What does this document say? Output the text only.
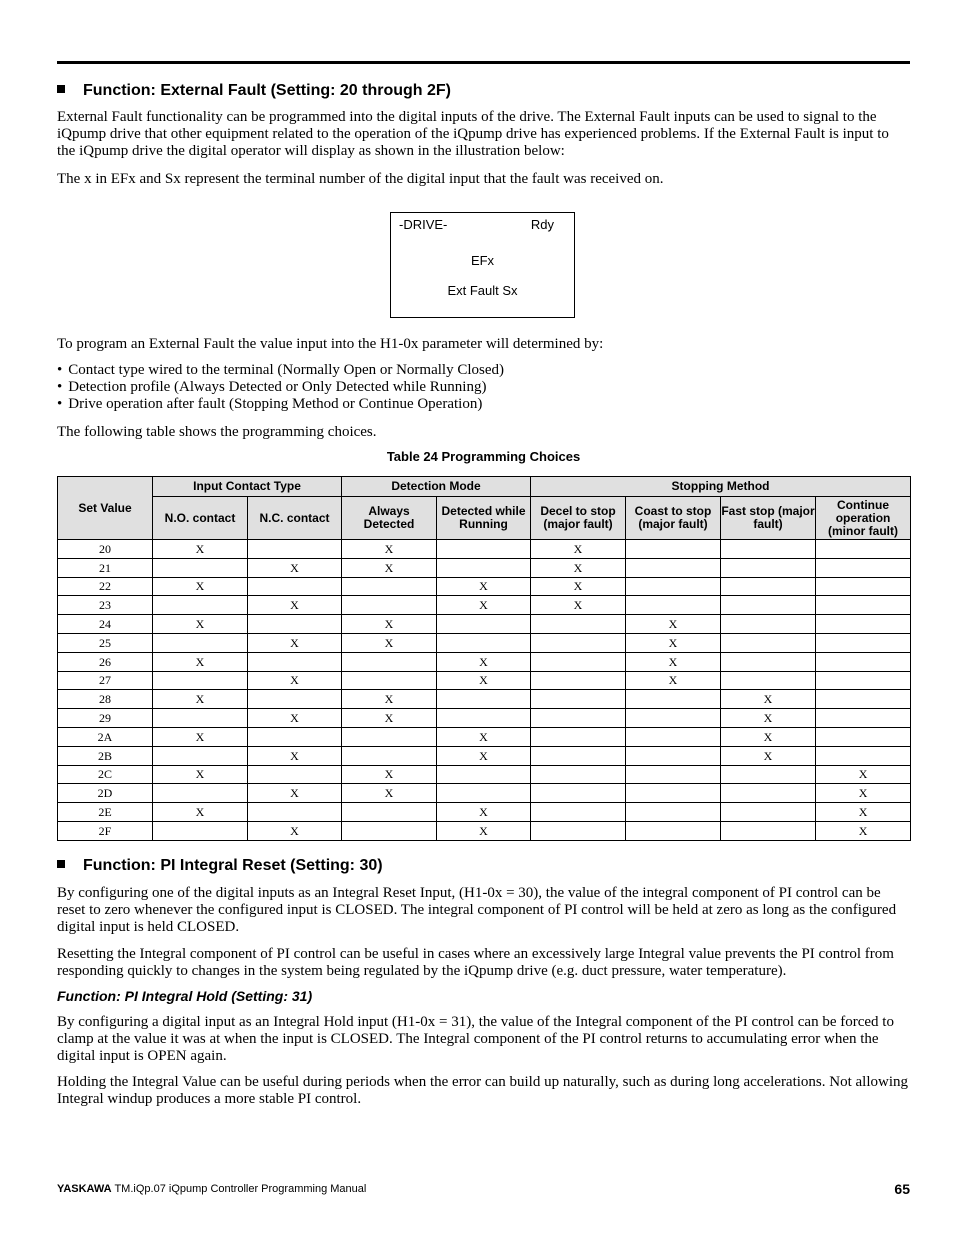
Function: External Fault (Setting: 20 through 2F)

External Fault functionality can be programmed into the digital inputs of the drive. The External Fault inputs can be used to signal to the iQpump drive that other equipment related to the operation of the iQpump drive has experienced problems. If the External Fault is input to the iQpump drive the digital operator will display as shown in the illustration below:

The x in EFx and Sx represent the terminal number of the digital input that the fault was received on.

-DRIVE-	Rdy
EFx
Ext Fault Sx

To program an External Fault the value input into the H1-0x parameter will determined by:

• Contact type wired to the terminal (Normally Open or Normally Closed)
• Detection profile (Always Detected or Only Detected while Running)
• Drive operation after fault (Stopping Method or Continue Operation)

The following table shows the programming choices.

Table 24 Programming Choices
Set Value	Input Contact Type		Detection Mode		Stopping Method			
	N.O. contact	N.C. contact	Always Detected	Detected while Running	Decel to stop (major fault)	Coast to stop (major fault)	Fast stop (major fault)	Continue operation (minor fault)
20	X		X		X			
21		X	X		X			
22	X			X	X			
23		X		X	X			
24	X		X			X		
25		X	X			X		
26	X			X		X		
27		X		X		X		
28	X		X				X	
29		X	X				X	
2A	X			X			X	
2B		X		X			X	
2C	X		X					X
2D		X	X					X
2E	X			X				X
2F		X		X				X
Function: PI Integral Reset (Setting: 30)

By configuring one of the digital inputs as an Integral Reset Input, (H1-0x = 30), the value of the integral component of PI control can be reset to zero whenever the configured input is CLOSED. The integral component of PI control will be held at zero as long as the configured digital input is held CLOSED.

Resetting the Integral component of PI control can be useful in cases where an excessively large Integral value prevents the PI control from responding quickly to changes in the system being regulated by the iQpump drive (e.g. duct pressure, water temperature).

Function: PI Integral Hold (Setting: 31)

By configuring a digital input as an Integral Hold input (H1-0x = 31), the value of the Integral component of the PI control can be forced to clamp at the value it was at when the input is CLOSED. The Integral component of the PI control returns to accumulating error when the digital input is OPEN again.

Holding the Integral Value can be useful during periods when the error can build up naturally, such as during long accelerations. Not allowing Integral windup produces a more stable PI control.

YASKAWA TM.iQp.07 iQpump Controller Programming Manual	65
